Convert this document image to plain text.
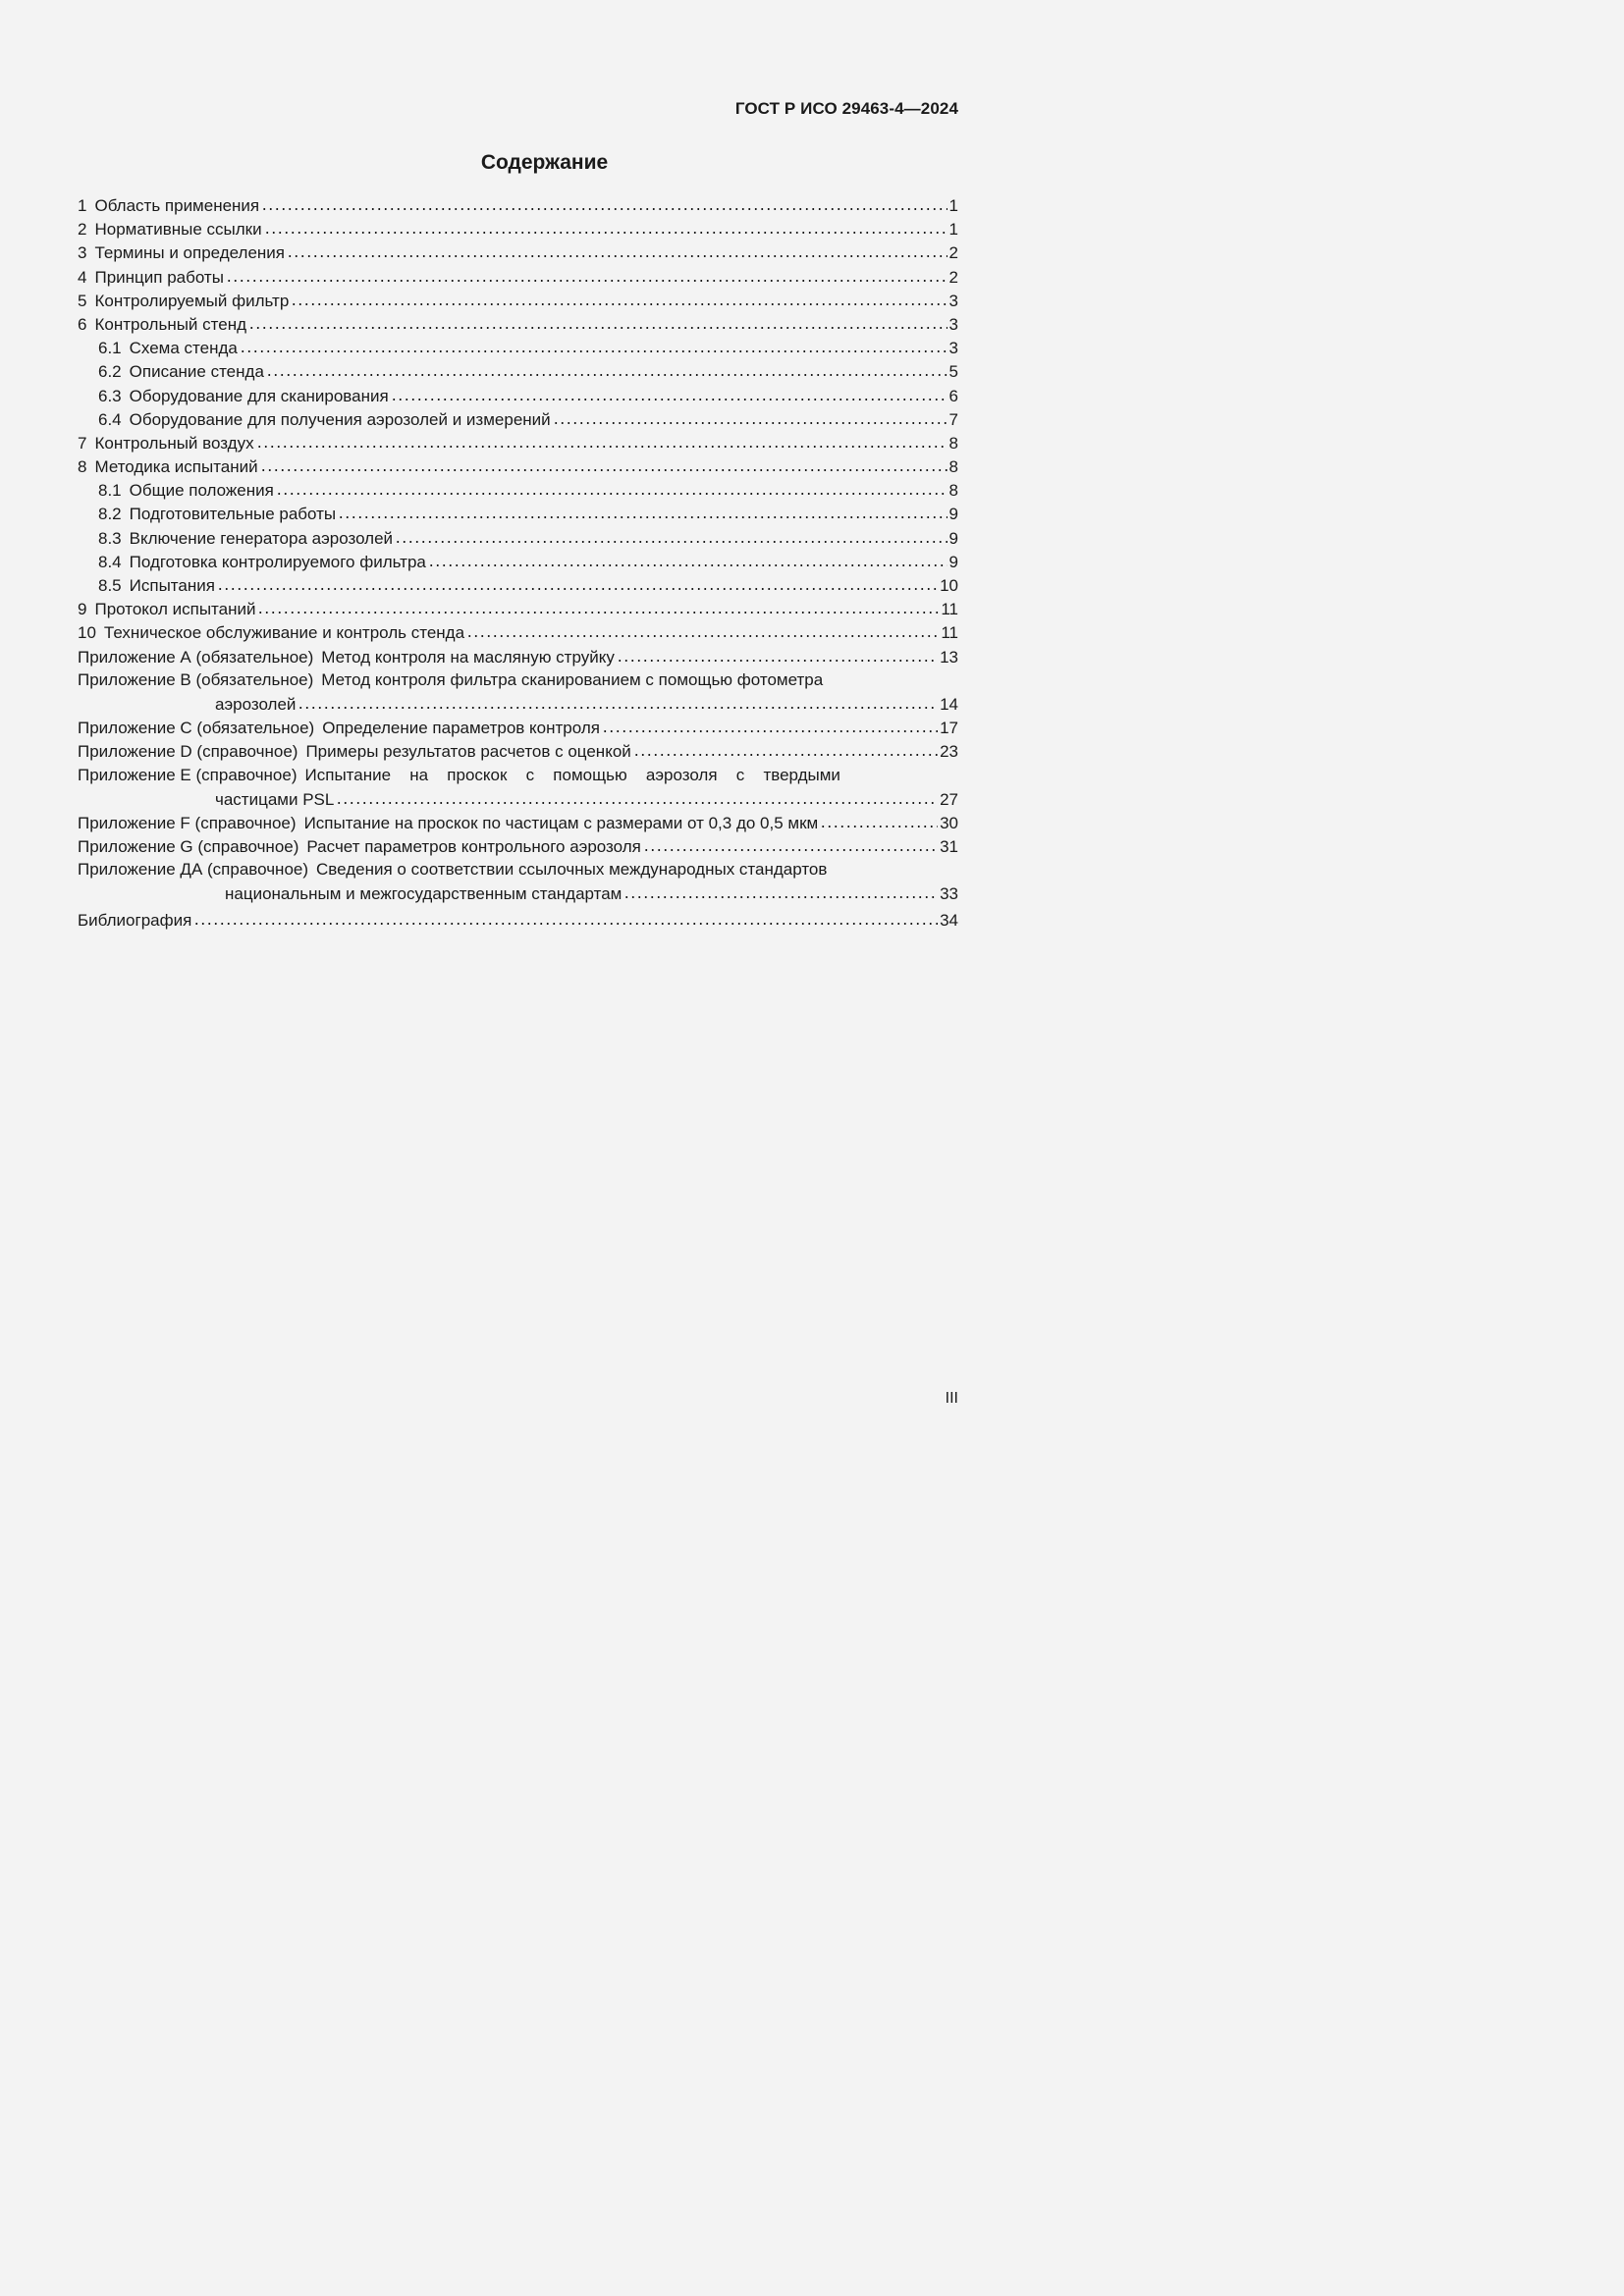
ГОСТ Р ИСО 29463-4—2024
Содержание
1 Область применения	1
2 Нормативные ссылки	1
3 Термины и определения	2
4 Принцип работы	2
5 Контролируемый фильтр	3
6 Контрольный стенд	3
6.1 Схема стенда	3
6.2 Описание стенда	5
6.3 Оборудование для сканирования	6
6.4 Оборудование для получения аэрозолей и измерений	7
7 Контрольный воздух	8
8 Методика испытаний	8
8.1 Общие положения	8
8.2 Подготовительные работы	9
8.3 Включение генератора аэрозолей	9
8.4 Подготовка контролируемого фильтра	9
8.5 Испытания	10
9 Протокол испытаний	11
10 Техническое обслуживание и контроль стенда	11
Приложение А (обязательное) Метод контроля на масляную струйку	13
Приложение В (обязательное) Метод контроля фильтра сканированием с помощью фотометра
аэрозолей	14
Приложение С (обязательное) Определение параметров контроля	17
Приложение D (справочное) Примеры результатов расчетов с оценкой	23
Приложение Е (справочное) Испытание на проскок с помощью аэрозоля с твердыми
частицами PSL	27
Приложение F (справочное) Испытание на проскок по частицам с размерами от 0,3 до 0,5 мкм	30
Приложение G (справочное) Расчет параметров контрольного аэрозоля	31
Приложение ДА (справочное) Сведения о соответствии ссылочных международных стандартов
национальным и межгосударственным стандартам	33
Библиография	34
III
